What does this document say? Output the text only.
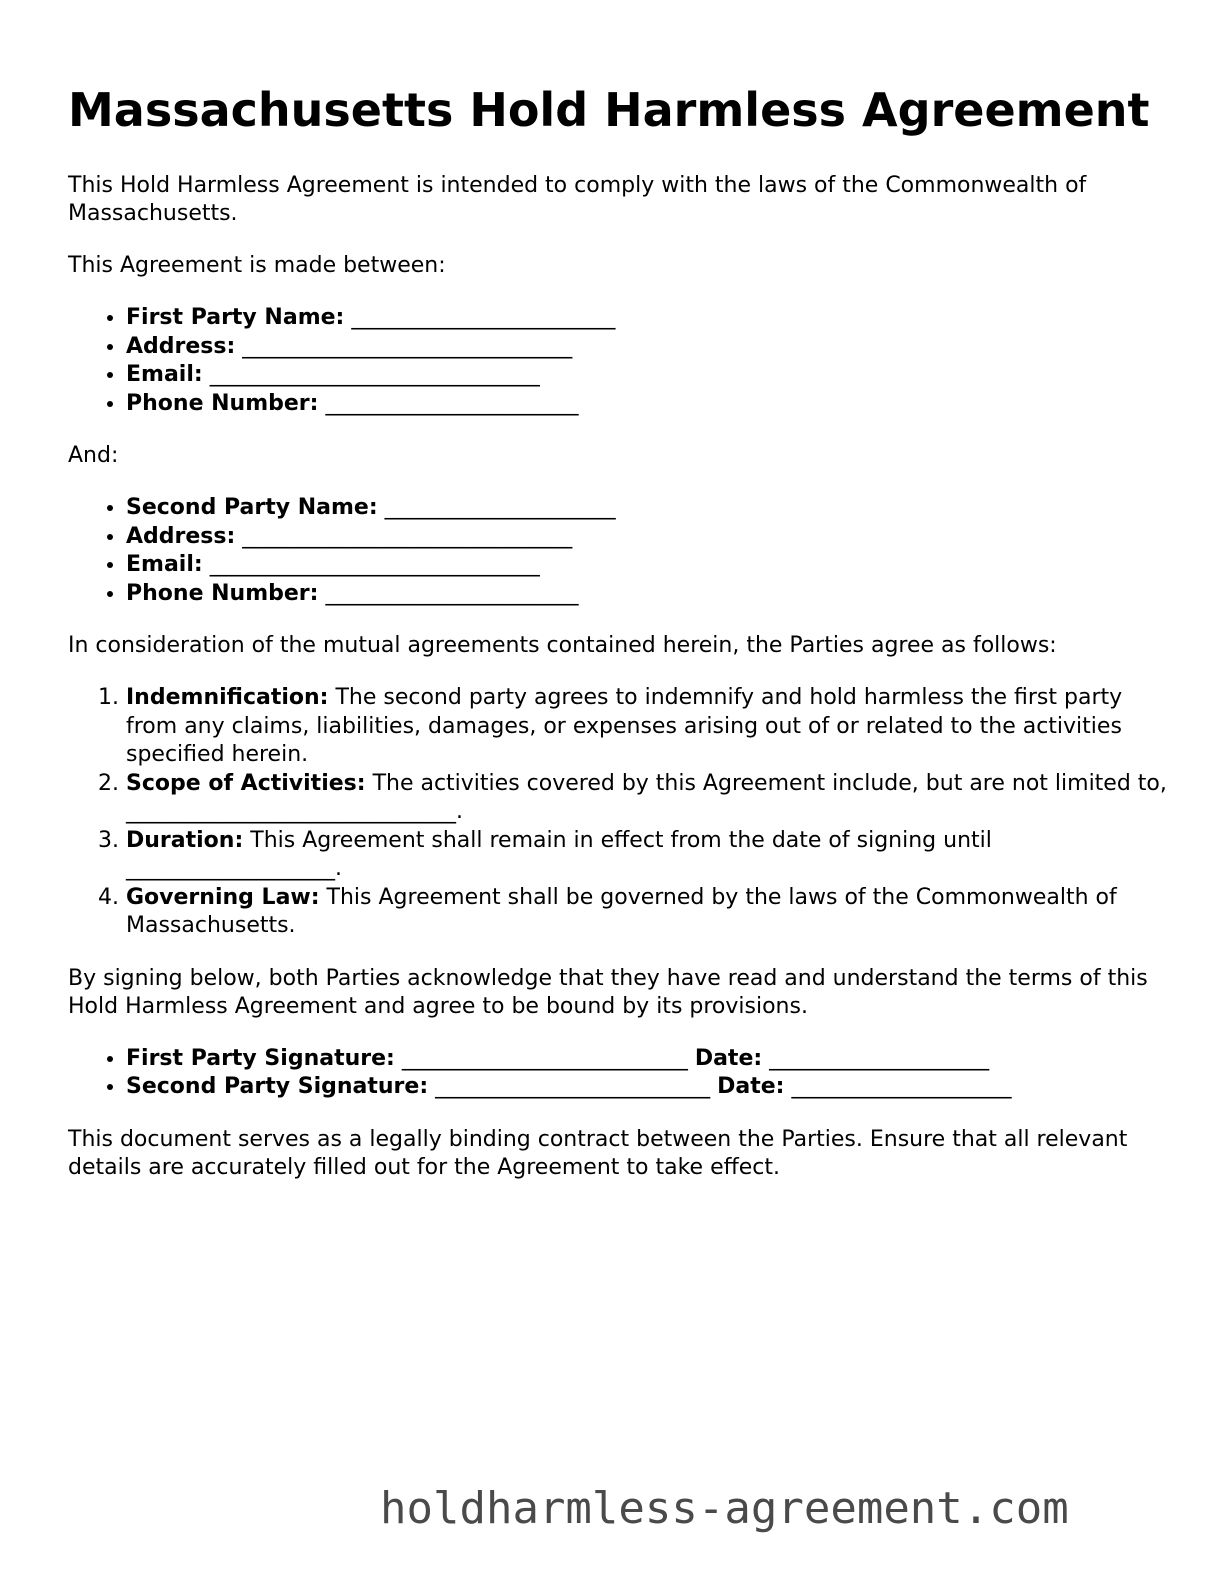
Massachusetts Hold Harmless Agreement

This Hold Harmless Agreement is intended to comply with the laws of the Commonwealth of Massachusetts.

This Agreement is made between:

• First Party Name: ________________________
• Address: ______________________________
• Email: ______________________________
• Phone Number: _______________________

And:

• Second Party Name: _____________________
• Address: ______________________________
• Email: ______________________________
• Phone Number: _______________________

In consideration of the mutual agreements contained herein, the Parties agree as follows:

1. Indemnification: The second party agrees to indemnify and hold harmless the first party from any claims, liabilities, damages, or expenses arising out of or related to the activities specified herein.
2. Scope of Activities: The activities covered by this Agreement include, but are not limited to, ______________________________.
3. Duration: This Agreement shall remain in effect from the date of signing until ___________________.
4. Governing Law: This Agreement shall be governed by the laws of the Commonwealth of Massachusetts.

By signing below, both Parties acknowledge that they have read and understand the terms of this Hold Harmless Agreement and agree to be bound by its provisions.

• First Party Signature: __________________________ Date: ____________________
• Second Party Signature: _________________________ Date: ____________________

This document serves as a legally binding contract between the Parties. Ensure that all relevant details are accurately filled out for the Agreement to take effect.

holdharmless-agreement.com
